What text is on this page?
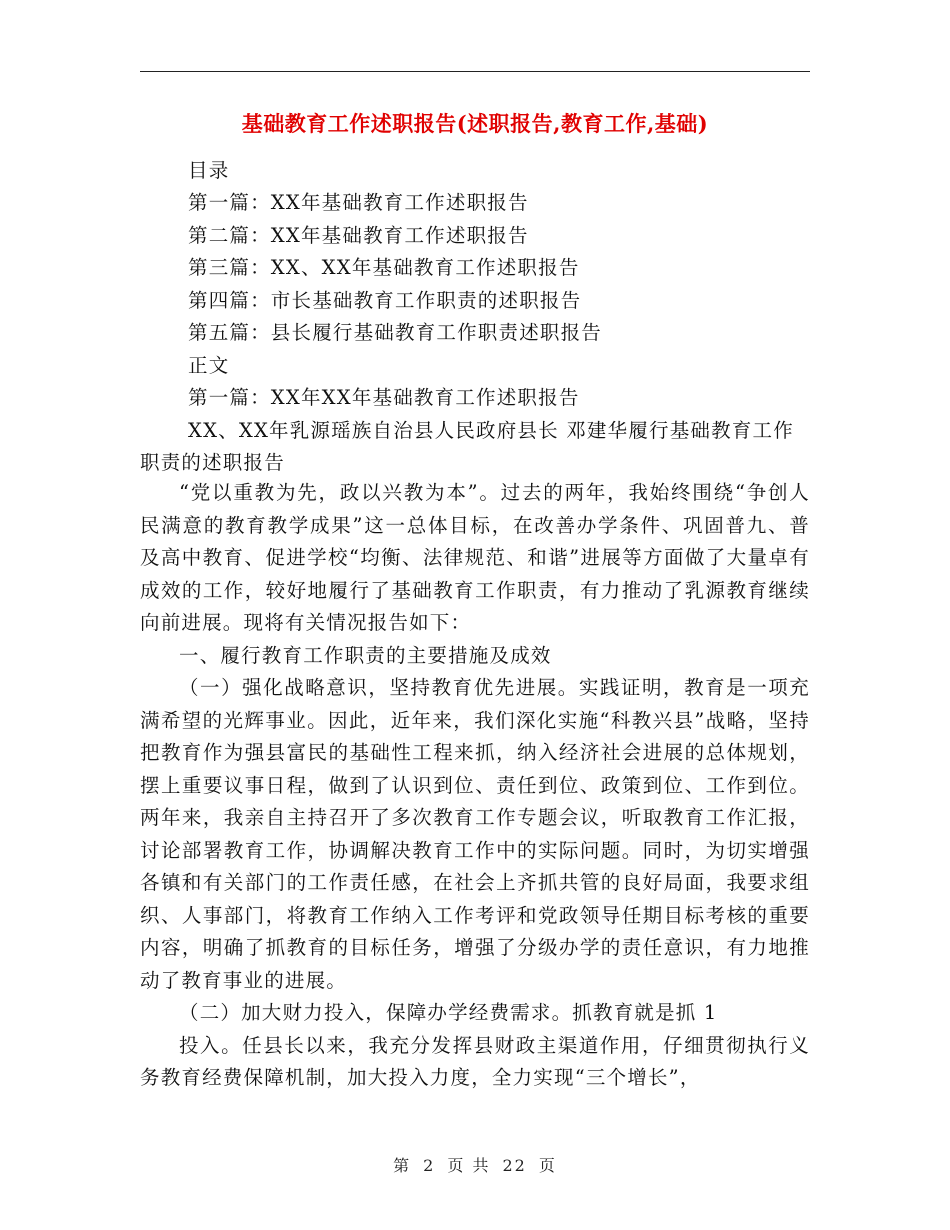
基础教育工作述职报告(述职报告,教育工作,基础)
目录
第一篇：XX年基础教育工作述职报告
第二篇：XX年基础教育工作述职报告
第三篇：XX、XX年基础教育工作述职报告
第四篇：市长基础教育工作职责的述职报告
第五篇：县长履行基础教育工作职责述职报告
正文
第一篇：XX年XX年基础教育工作述职报告
XX、XX年乳源瑶族自治县人民政府县长 邓建华履行基础教育工作
职责的述职报告

“党以重教为先，政以兴教为本”。过去的两年，我始终围绕“争创人民满意的教育教学成果”这一总体目标，在改善办学条件、巩固普九、普及高中教育、促进学校“均衡、法律规范、和谐”进展等方面做了大量卓有成效的工作，较好地履行了基础教育工作职责，有力推动了乳源教育继续向前进展。现将有关情况报告如下：

一、履行教育工作职责的主要措施及成效

（一）强化战略意识，坚持教育优先进展。实践证明，教育是一项充满希望的光辉事业。因此，近年来，我们深化实施“科教兴县”战略，坚持把教育作为强县富民的基础性工程来抓，纳入经济社会进展的总体规划，摆上重要议事日程，做到了认识到位、责任到位、政策到位、工作到位。两年来，我亲自主持召开了多次教育工作专题会议，听取教育工作汇报，讨论部署教育工作，协调解决教育工作中的实际问题。同时，为切实增强各镇和有关部门的工作责任感，在社会上齐抓共管的良好局面，我要求组织、人事部门，将教育工作纳入工作考评和党政领导任期目标考核的重要内容，明确了抓教育的目标任务，增强了分级办学的责任意识，有力地推动了教育事业的进展。

（二）加大财力投入，保障办学经费需求。抓教育就是抓 1

投入。任县长以来，我充分发挥县财政主渠道作用，仔细贯彻执行义务教育经费保障机制，加大投入力度，全力实现“三个增长”，

第 2 页 共 22 页
